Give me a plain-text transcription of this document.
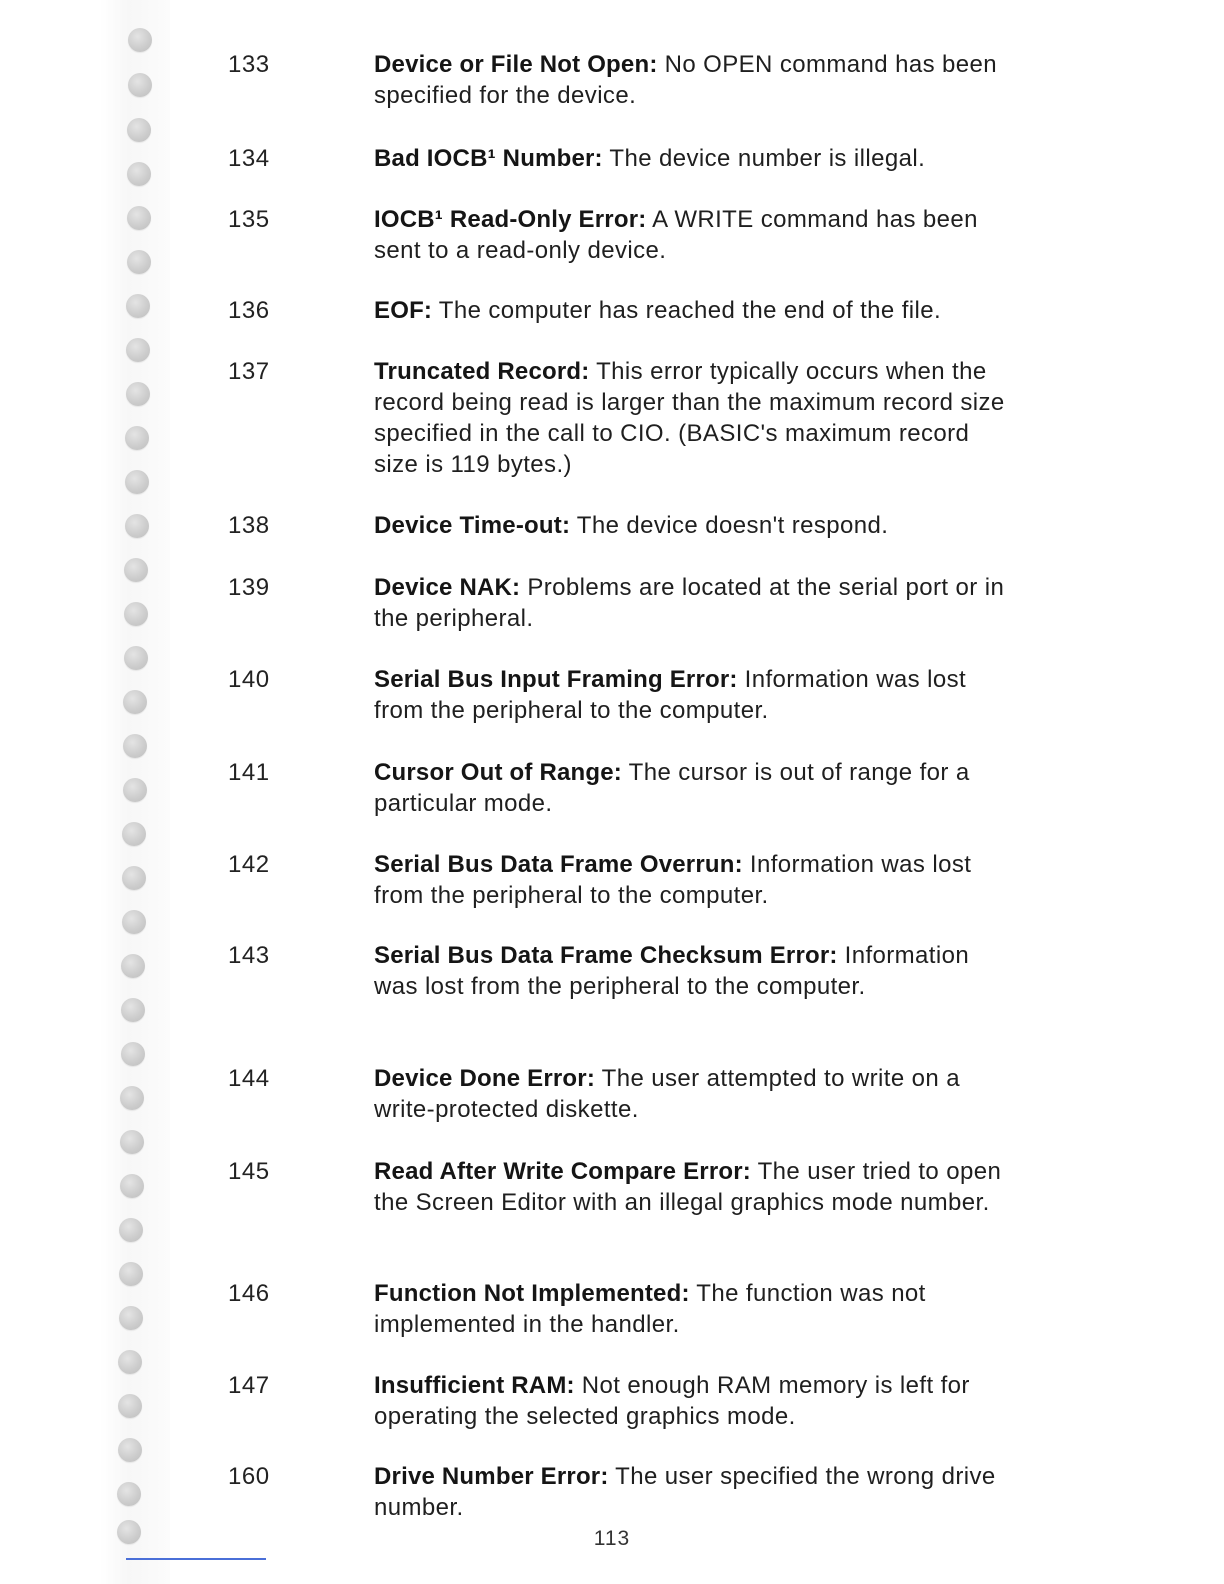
133	Device or File Not Open: No OPEN command has been specified for the device.
134	Bad IOCB¹ Number: The device number is illegal.
135	IOCB¹ Read-Only Error: A WRITE command has been sent to a read-only device.
136	EOF: The computer has reached the end of the file.
137	Truncated Record: This error typically occurs when the record being read is larger than the maximum record size specified in the call to CIO. (BASIC's maximum record size is 119 bytes.)
138	Device Time-out: The device doesn't respond.
139	Device NAK: Problems are located at the serial port or in the peripheral.
140	Serial Bus Input Framing Error: Information was lost from the peripheral to the computer.
141	Cursor Out of Range: The cursor is out of range for a particular mode.
142	Serial Bus Data Frame Overrun: Information was lost from the peripheral to the computer.
143	Serial Bus Data Frame Checksum Error: Information was lost from the peripheral to the computer.
144	Device Done Error: The user attempted to write on a write-protected diskette.
145	Read After Write Compare Error: The user tried to open the Screen Editor with an illegal graphics mode number.
146	Function Not Implemented: The function was not implemented in the handler.
147	Insufficient RAM: Not enough RAM memory is left for operating the selected graphics mode.
160	Drive Number Error: The user specified the wrong drive number.
113
